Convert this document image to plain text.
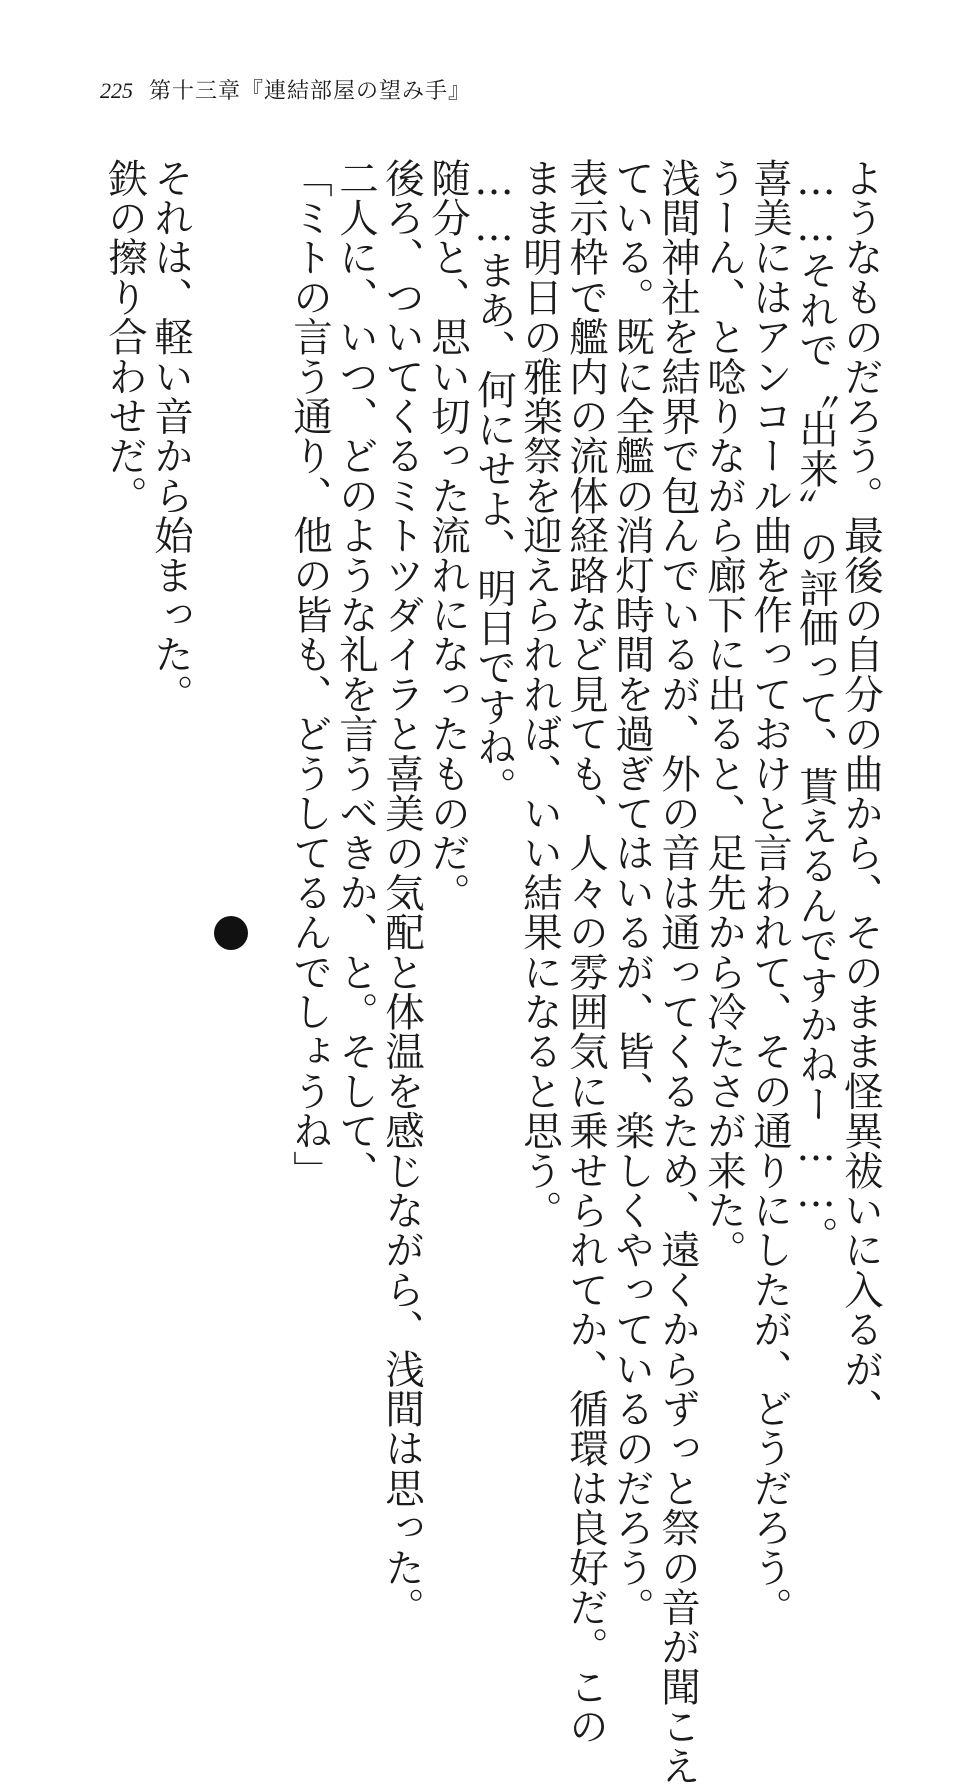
225 第十三章『連結部屋の望み手』
ようなものだろう。最後の自分の曲から、そのまま怪異祓いに入るが、
……それで〝出来〟の評価って、貰えるんですかねー……。
喜美にはアンコール曲を作っておけと言われて、その通りにしたが、どうだろう。
うーん、と唸りながら廊下に出ると、足先から冷たさが来た。
浅間神社を結界で包んでいるが、外の音は通ってくるため、遠くからずっと祭の音が聞こえ
ている。既に全艦の消灯時間を過ぎてはいるが、皆、楽しくやっているのだろう。
表示枠で艦内の流体経路など見ても、人々の雰囲気に乗せられてか、循環は良好だ。この
まま明日の雅楽祭を迎えられれば、いい結果になると思う。
……まあ、何にせよ、明日ですね。
随分と、思い切った流れになったものだ。
後ろ、ついてくるミトツダイラと喜美の気配と体温を感じながら、浅間は思った。
二人に、いつ、どのような礼を言うべきか、と。そして、
「ミトの言う通り、他の皆も、どうしてるんでしょうね」
それは、軽い音から始まった。
鉄の擦り合わせだ。
